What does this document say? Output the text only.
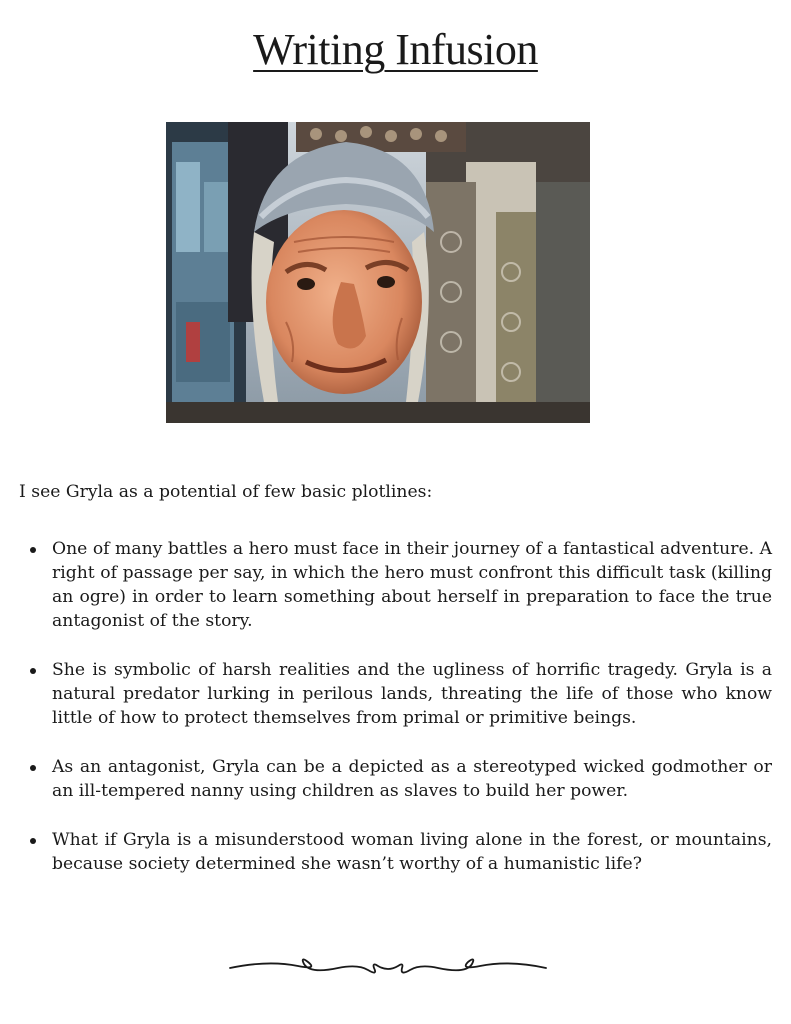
Writing Infusion

I see Gryla as a potential of few basic plotlines:

One of many battles a hero must face in their journey of a fantastical adventure. A right of passage per say, in which the hero must confront this difficult task (killing an ogre) in order to learn something about herself in preparation to face the true antagonist of the story.
She is symbolic of harsh realities and the ugliness of horrific tragedy. Gryla is a natural predator lurking in perilous lands, threating the life of those who know little of how to protect themselves from primal or primitive beings.
As an antagonist, Gryla can be a depicted as a stereotyped wicked godmother or an ill-tempered nanny using children as slaves to build her power.
What if Gryla is a misunderstood woman living alone in the forest, or mountains, because society determined she wasn’t worthy of a humanistic life?
